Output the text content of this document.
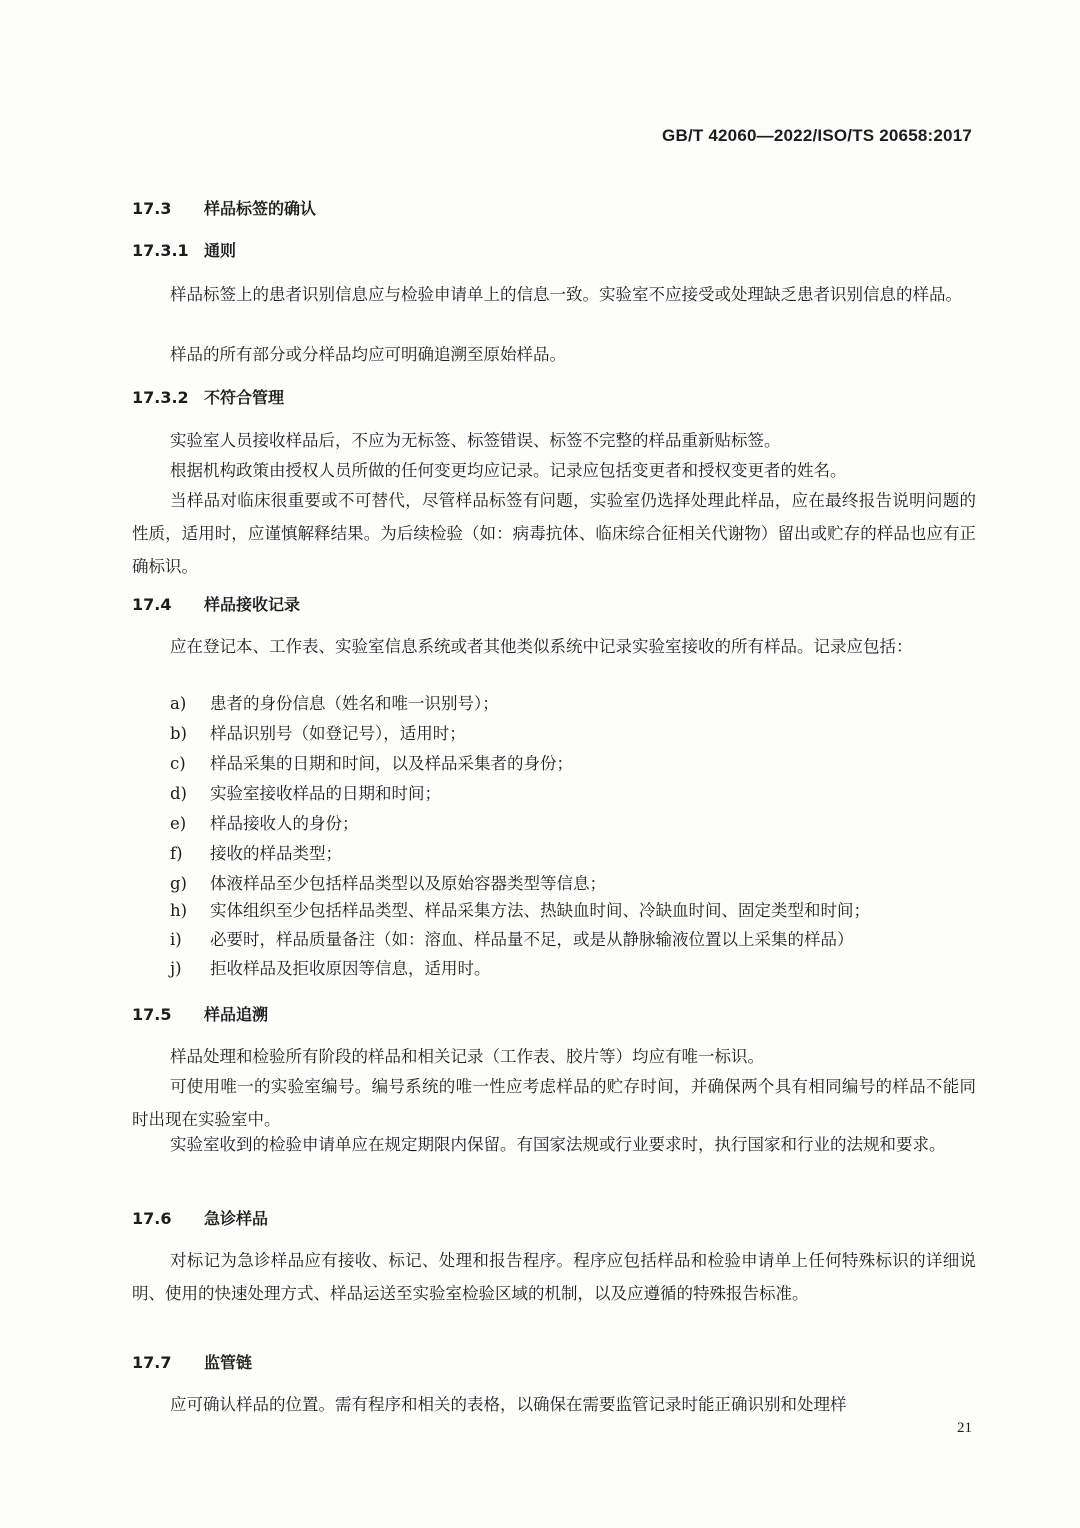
GB/T 42060—2022/ISO/TS 20658:2017
17.3 样品标签的确认
17.3.1 通则

样品标签上的患者识别信息应与检验申请单上的信息一致。实验室不应接受或处理缺乏患者识别信息的样品。

样品的所有部分或分样品均应可明确追溯至原始样品。

17.3.2 不符合管理

实验室人员接收样品后，不应为无标签、标签错误、标签不完整的样品重新贴标签。

根据机构政策由授权人员所做的任何变更均应记录。记录应包括变更者和授权变更者的姓名。

当样品对临床很重要或不可替代，尽管样品标签有问题，实验室仍选择处理此样品，应在最终报告说明问题的性质，适用时，应谨慎解释结果。为后续检验（如：病毒抗体、临床综合征相关代谢物）留出或贮存的样品也应有正确标识。

17.4 样品接收记录

应在登记本、工作表、实验室信息系统或者其他类似系统中记录实验室接收的所有样品。记录应包括：

a) 患者的身份信息（姓名和唯一识别号）；
b) 样品识别号（如登记号），适用时；
c) 样品采集的日期和时间，以及样品采集者的身份；
d) 实验室接收样品的日期和时间；
e) 样品接收人的身份；
f) 接收的样品类型；
g) 体液样品至少包括样品类型以及原始容器类型等信息；
h) 实体组织至少包括样品类型、样品采集方法、热缺血时间、冷缺血时间、固定类型和时间；
i) 必要时，样品质量备注（如：溶血、样品量不足，或是从静脉输液位置以上采集的样品）
j) 拒收样品及拒收原因等信息，适用时。
17.5 样品追溯

样品处理和检验所有阶段的样品和相关记录（工作表、胶片等）均应有唯一标识。

可使用唯一的实验室编号。编号系统的唯一性应考虑样品的贮存时间，并确保两个具有相同编号的样品不能同时出现在实验室中。

实验室收到的检验申请单应在规定期限内保留。有国家法规或行业要求时，执行国家和行业的法规和要求。

17.6 急诊样品

对标记为急诊样品应有接收、标记、处理和报告程序。程序应包括样品和检验申请单上任何特殊标识的详细说明、使用的快速处理方式、样品运送至实验室检验区域的机制，以及应遵循的特殊报告标准。

17.7 监管链

应可确认样品的位置。需有程序和相关的表格，以确保在需要监管记录时能正确识别和处理样

21
